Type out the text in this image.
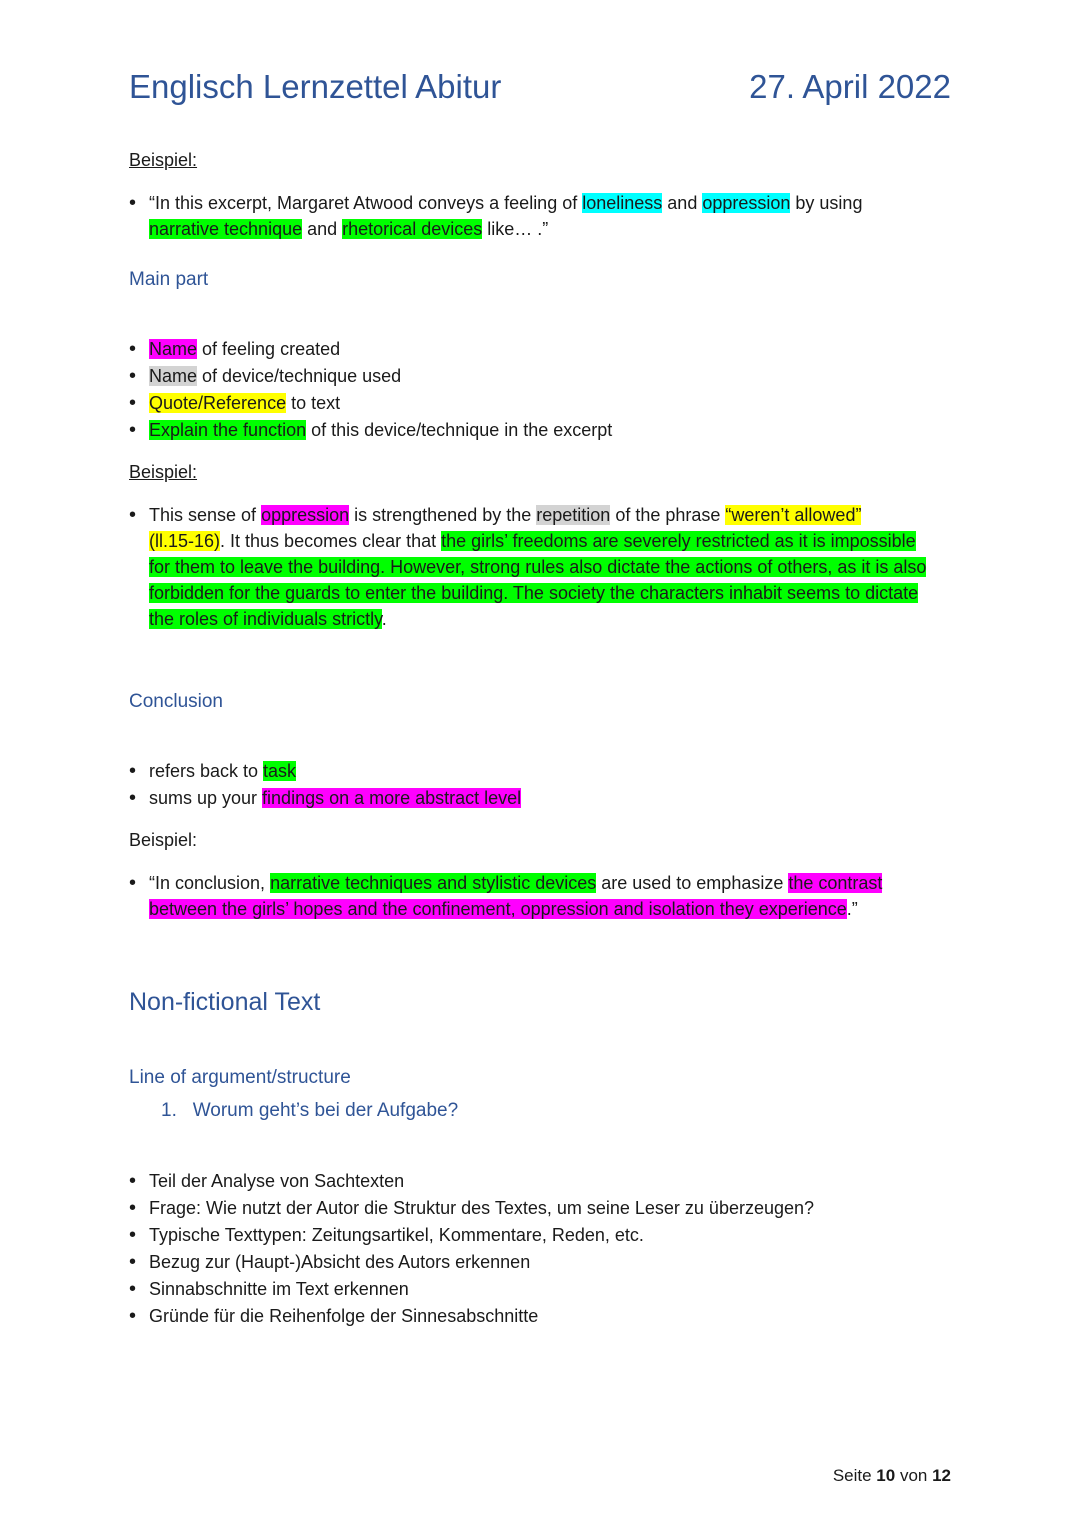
Englisch Lernzettel Abitur	27. April 2022
Beispiel:
• “In this excerpt, Margaret Atwood conveys a feeling of loneliness and oppression by using
narrative technique and rhetorical devices like… .”
Main part
• Name of feeling created
• Name of device/technique used
• Quote/Reference to text
• Explain the function of this device/technique in the excerpt
Beispiel:
• This sense of oppression is strengthened by the repetition of the phrase “weren’t allowed”
(ll.15-16). It thus becomes clear that the girls’ freedoms are severely restricted as it is impossible
for them to leave the building. However, strong rules also dictate the actions of others, as it is also
forbidden for the guards to enter the building. The society the characters inhabit seems to dictate
the roles of individuals strictly.
Conclusion
• refers back to task
• sums up your findings on a more abstract level
Beispiel:
• “In conclusion, narrative techniques and stylistic devices are used to emphasize the contrast
between the girls’ hopes and the confinement, oppression and isolation they experience.”
Non-fictional Text
Line of argument/structure
1. Worum geht’s bei der Aufgabe?
• Teil der Analyse von Sachtexten
• Frage: Wie nutzt der Autor die Struktur des Textes, um seine Leser zu überzeugen?
• Typische Texttypen: Zeitungsartikel, Kommentare, Reden, etc.
• Bezug zur (Haupt-)Absicht des Autors erkennen
• Sinnabschnitte im Text erkennen
• Gründe für die Reihenfolge der Sinnesabschnitte
Seite 10 von 12
